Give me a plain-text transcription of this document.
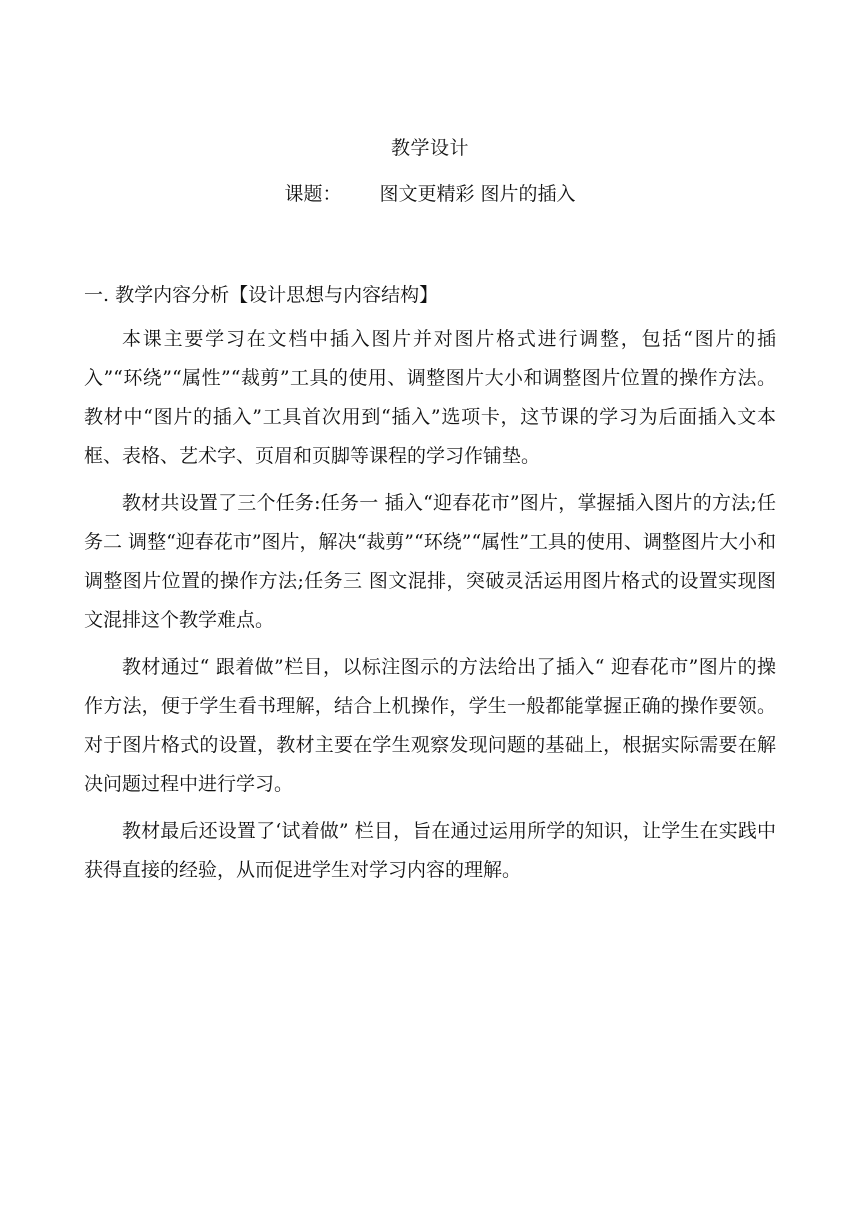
教学设计
课题： 图文更精彩 图片的插入
一. 教学内容分析【设计思想与内容结构】

本课主要学习在文档中插入图片并对图片格式进行调整，包括“图片的插入”“环绕”“属性”“裁剪”工具的使用、调整图片大小和调整图片位置的操作方法。教材中“图片的插入”工具首次用到“插入”选项卡，这节课的学习为后面插入文本框、表格、艺术字、页眉和页脚等课程的学习作铺垫。

教材共设置了三个任务:任务一 插入“迎春花市”图片，掌握插入图片的方法;任务二 调整“迎春花市”图片，解决“裁剪”“环绕”“属性”工具的使用、调整图片大小和调整图片位置的操作方法;任务三 图文混排，突破灵活运用图片格式的设置实现图文混排这个教学难点。

教材通过“ 跟着做”栏目，以标注图示的方法给出了插入“ 迎春花市”图片的操作方法，便于学生看书理解，结合上机操作，学生一般都能掌握正确的操作要领。对于图片格式的设置，教材主要在学生观察发现问题的基础上，根据实际需要在解决问题过程中进行学习。

教材最后还设置了‘试着做” 栏目，旨在通过运用所学的知识，让学生在实践中获得直接的经验，从而促进学生对学习内容的理解。
